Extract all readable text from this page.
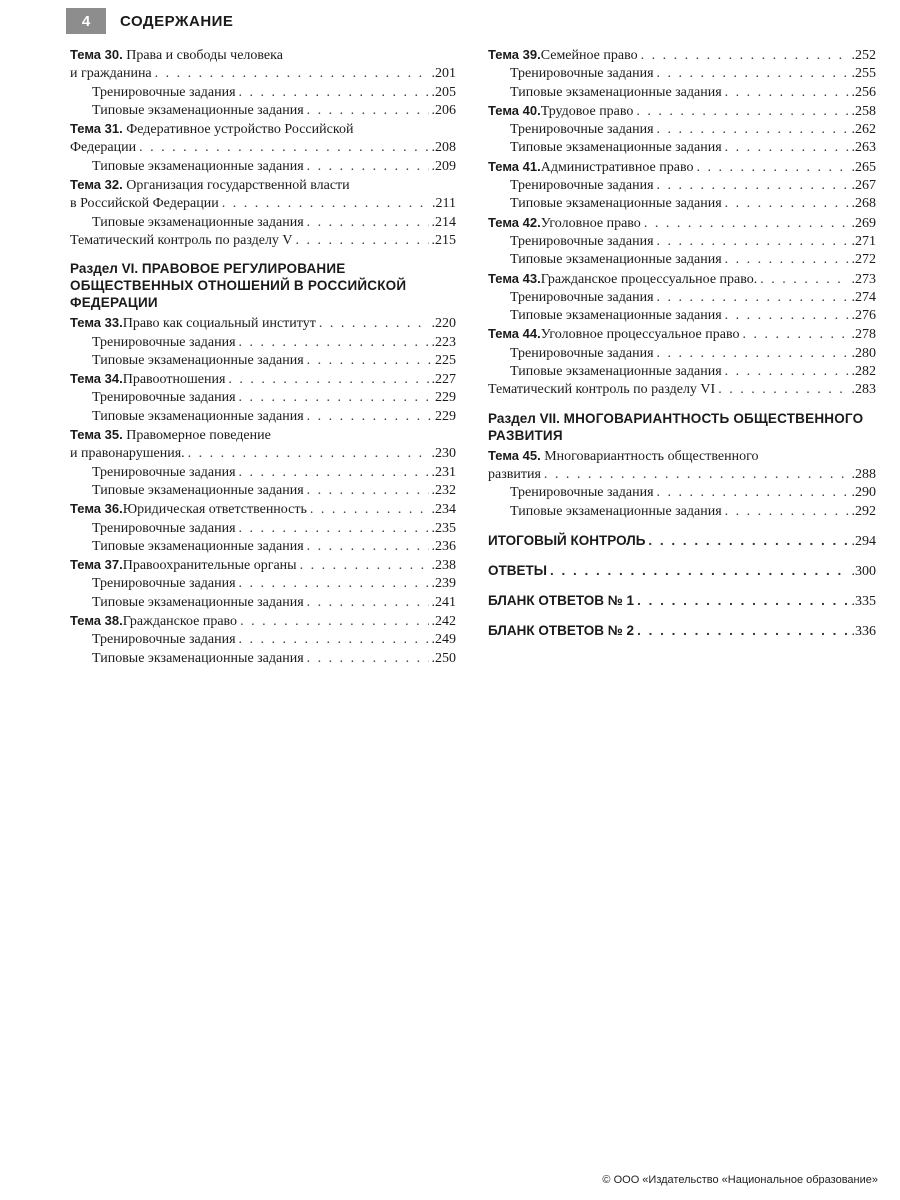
4	СОДЕРЖАНИЕ
Тема 30. Права и свободы человека
и гражданина . . .	.201
Тренировочные задания . . .	.205
Типовые экзаменационные задания . . .	.206
Тема 31. Федеративное устройство Российской
Федерации . . .	.208
Типовые экзаменационные задания . . .	.209
Тема 32. Организация государственной власти
в Российской Федерации . . .	.211
Типовые экзаменационные задания . . .	.214
Тематический контроль по разделу V . . .	.215
Раздел VI. ПРАВОВОЕ РЕГУЛИРОВАНИЕ ОБЩЕСТВЕННЫХ ОТНОШЕНИЙ В РОССИЙСКОЙ ФЕДЕРАЦИИ
Тема 33. Право как социальный институт . . .	.220
Тренировочные задания . . .	.223
Типовые экзаменационные задания . . .	225
Тема 34. Правоотношения . . .	.227
Тренировочные задания . . .	229
Типовые экзаменационные задания . . .	229
Тема 35. Правомерное поведение
и правонарушения. . . .	.230
Тренировочные задания . . .	.231
Типовые экзаменационные задания . . .	.232
Тема 36. Юридическая ответственность . . .	.234
Тренировочные задания . . .	.235
Типовые экзаменационные задания . . .	.236
Тема 37. Правоохранительные органы . . .	.238
Тренировочные задания . . .	.239
Типовые экзаменационные задания . . .	.241
Тема 38. Гражданское право . . .	.242
Тренировочные задания . . .	.249
Типовые экзаменационные задания . . .	.250
Тема 39. Семейное право . . .	.252
Тренировочные задания . . .	.255
Типовые экзаменационные задания . . .	.256
Тема 40. Трудовое право . . .	.258
Тренировочные задания . . .	.262
Типовые экзаменационные задания . . .	.263
Тема 41. Административное право . . .	.265
Тренировочные задания . . .	.267
Типовые экзаменационные задания . . .	.268
Тема 42. Уголовное право . . .	.269
Тренировочные задания . . .	.271
Типовые экзаменационные задания . . .	.272
Тема 43. Гражданское процессуальное право. . . .	.273
Тренировочные задания . . .	.274
Типовые экзаменационные задания . . .	.276
Тема 44. Уголовное процессуальное право . . .	.278
Тренировочные задания . . .	.280
Типовые экзаменационные задания . . .	.282
Тематический контроль по разделу VI . . .	.283
Раздел VII. МНОГОВАРИАНТНОСТЬ ОБЩЕСТВЕННОГО РАЗВИТИЯ
Тема 45. Многовариантность общественного
развития . . .	.288
Тренировочные задания . . .	.290
Типовые экзаменационные задания . . .	.292
ИТОГОВЫЙ КОНТРОЛЬ . . .	.294
ОТВЕТЫ . . .	.300
БЛАНК ОТВЕТОВ № 1 . . .	.335
БЛАНК ОТВЕТОВ № 2 . . .	.336
© ООО «Издательство «Национальное образование»
